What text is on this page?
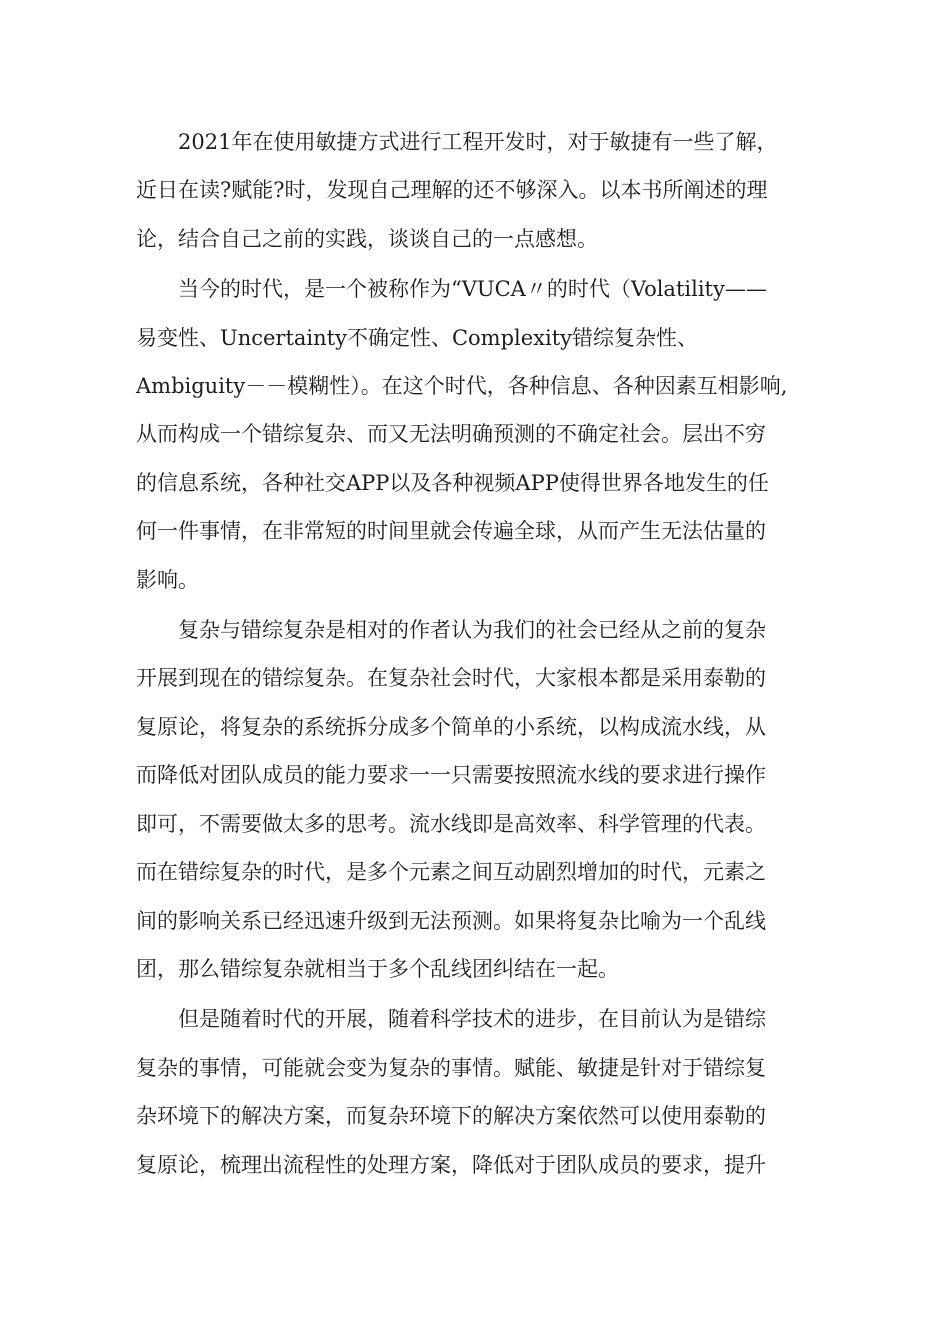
2021年在使用敏捷方式进行工程开发时，对于敏捷有一些了解，
近日在读?赋能?时，发现自己理解的还不够深入。以本书所阐述的理
论，结合自己之前的实践，谈谈自己的一点感想。

当今的时代，是一个被称作为“VUCA〃的时代（Volatility——
易变性、Uncertainty不确定性、Complexity错综复杂性、
Ambiguity－－模糊性）。在这个时代，各种信息、各种因素互相影响,
从而构成一个错综复杂、而又无法明确预测的不确定社会。层出不穷
的信息系统，各种社交APP以及各种视频APP使得世界各地发生的任
何一件事情，在非常短的时间里就会传遍全球，从而产生无法估量的
影响。

复杂与错综复杂是相对的作者认为我们的社会已经从之前的复杂
开展到现在的错综复杂。在复杂社会时代，大家根本都是采用泰勒的
复原论，将复杂的系统拆分成多个简单的小系统，以构成流水线，从
而降低对团队成员的能力要求一一只需要按照流水线的要求进行操作
即可，不需要做太多的思考。流水线即是高效率、科学管理的代表。
而在错综复杂的时代，是多个元素之间互动剧烈增加的时代，元素之
间的影响关系已经迅速升级到无法预测。如果将复杂比喻为一个乱线
团，那么错综复杂就相当于多个乱线团纠结在一起。

但是随着时代的开展，随着科学技术的进步，在目前认为是错综
复杂的事情，可能就会变为复杂的事情。赋能、敏捷是针对于错综复
杂环境下的解决方案，而复杂环境下的解决方案依然可以使用泰勒的
复原论，梳理出流程性的处理方案，降低对于团队成员的要求，提升
